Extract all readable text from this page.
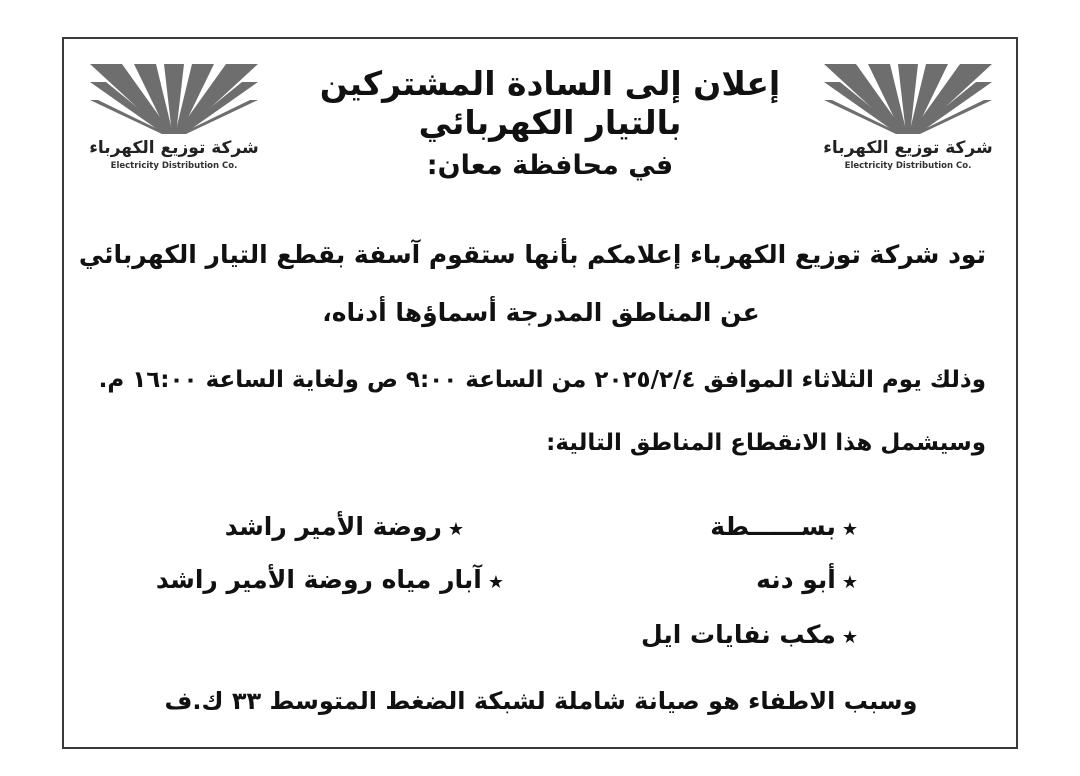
شركة توزيع الكهرباء
Electricity Distribution Co.
شركة توزيع الكهرباء
Electricity Distribution Co.
إعلان إلى السادة المشتركين بالتيار الكهربائي
في محافظة معان:
تود شركة توزيع الكهرباء إعلامكم بأنها ستقوم آسفة بقطع التيار الكهربائي
عن المناطق المدرجة أسماؤها أدناه،
وذلك يوم الثلاثاء الموافق ٢٠٢٥/٢/٤ من الساعة ٩:٠٠ ص ولغاية الساعة ١٦:٠٠ م.
وسيشمل هذا الانقطاع المناطق التالية:
★بســــــطة
★أبو دنه
★مكب نفايات ايل
★روضة الأمير راشد
★آبار مياه روضة الأمير راشد
وسبب الاطفاء هو صيانة شاملة لشبكة الضغط المتوسط ٣٣ ك.ف
